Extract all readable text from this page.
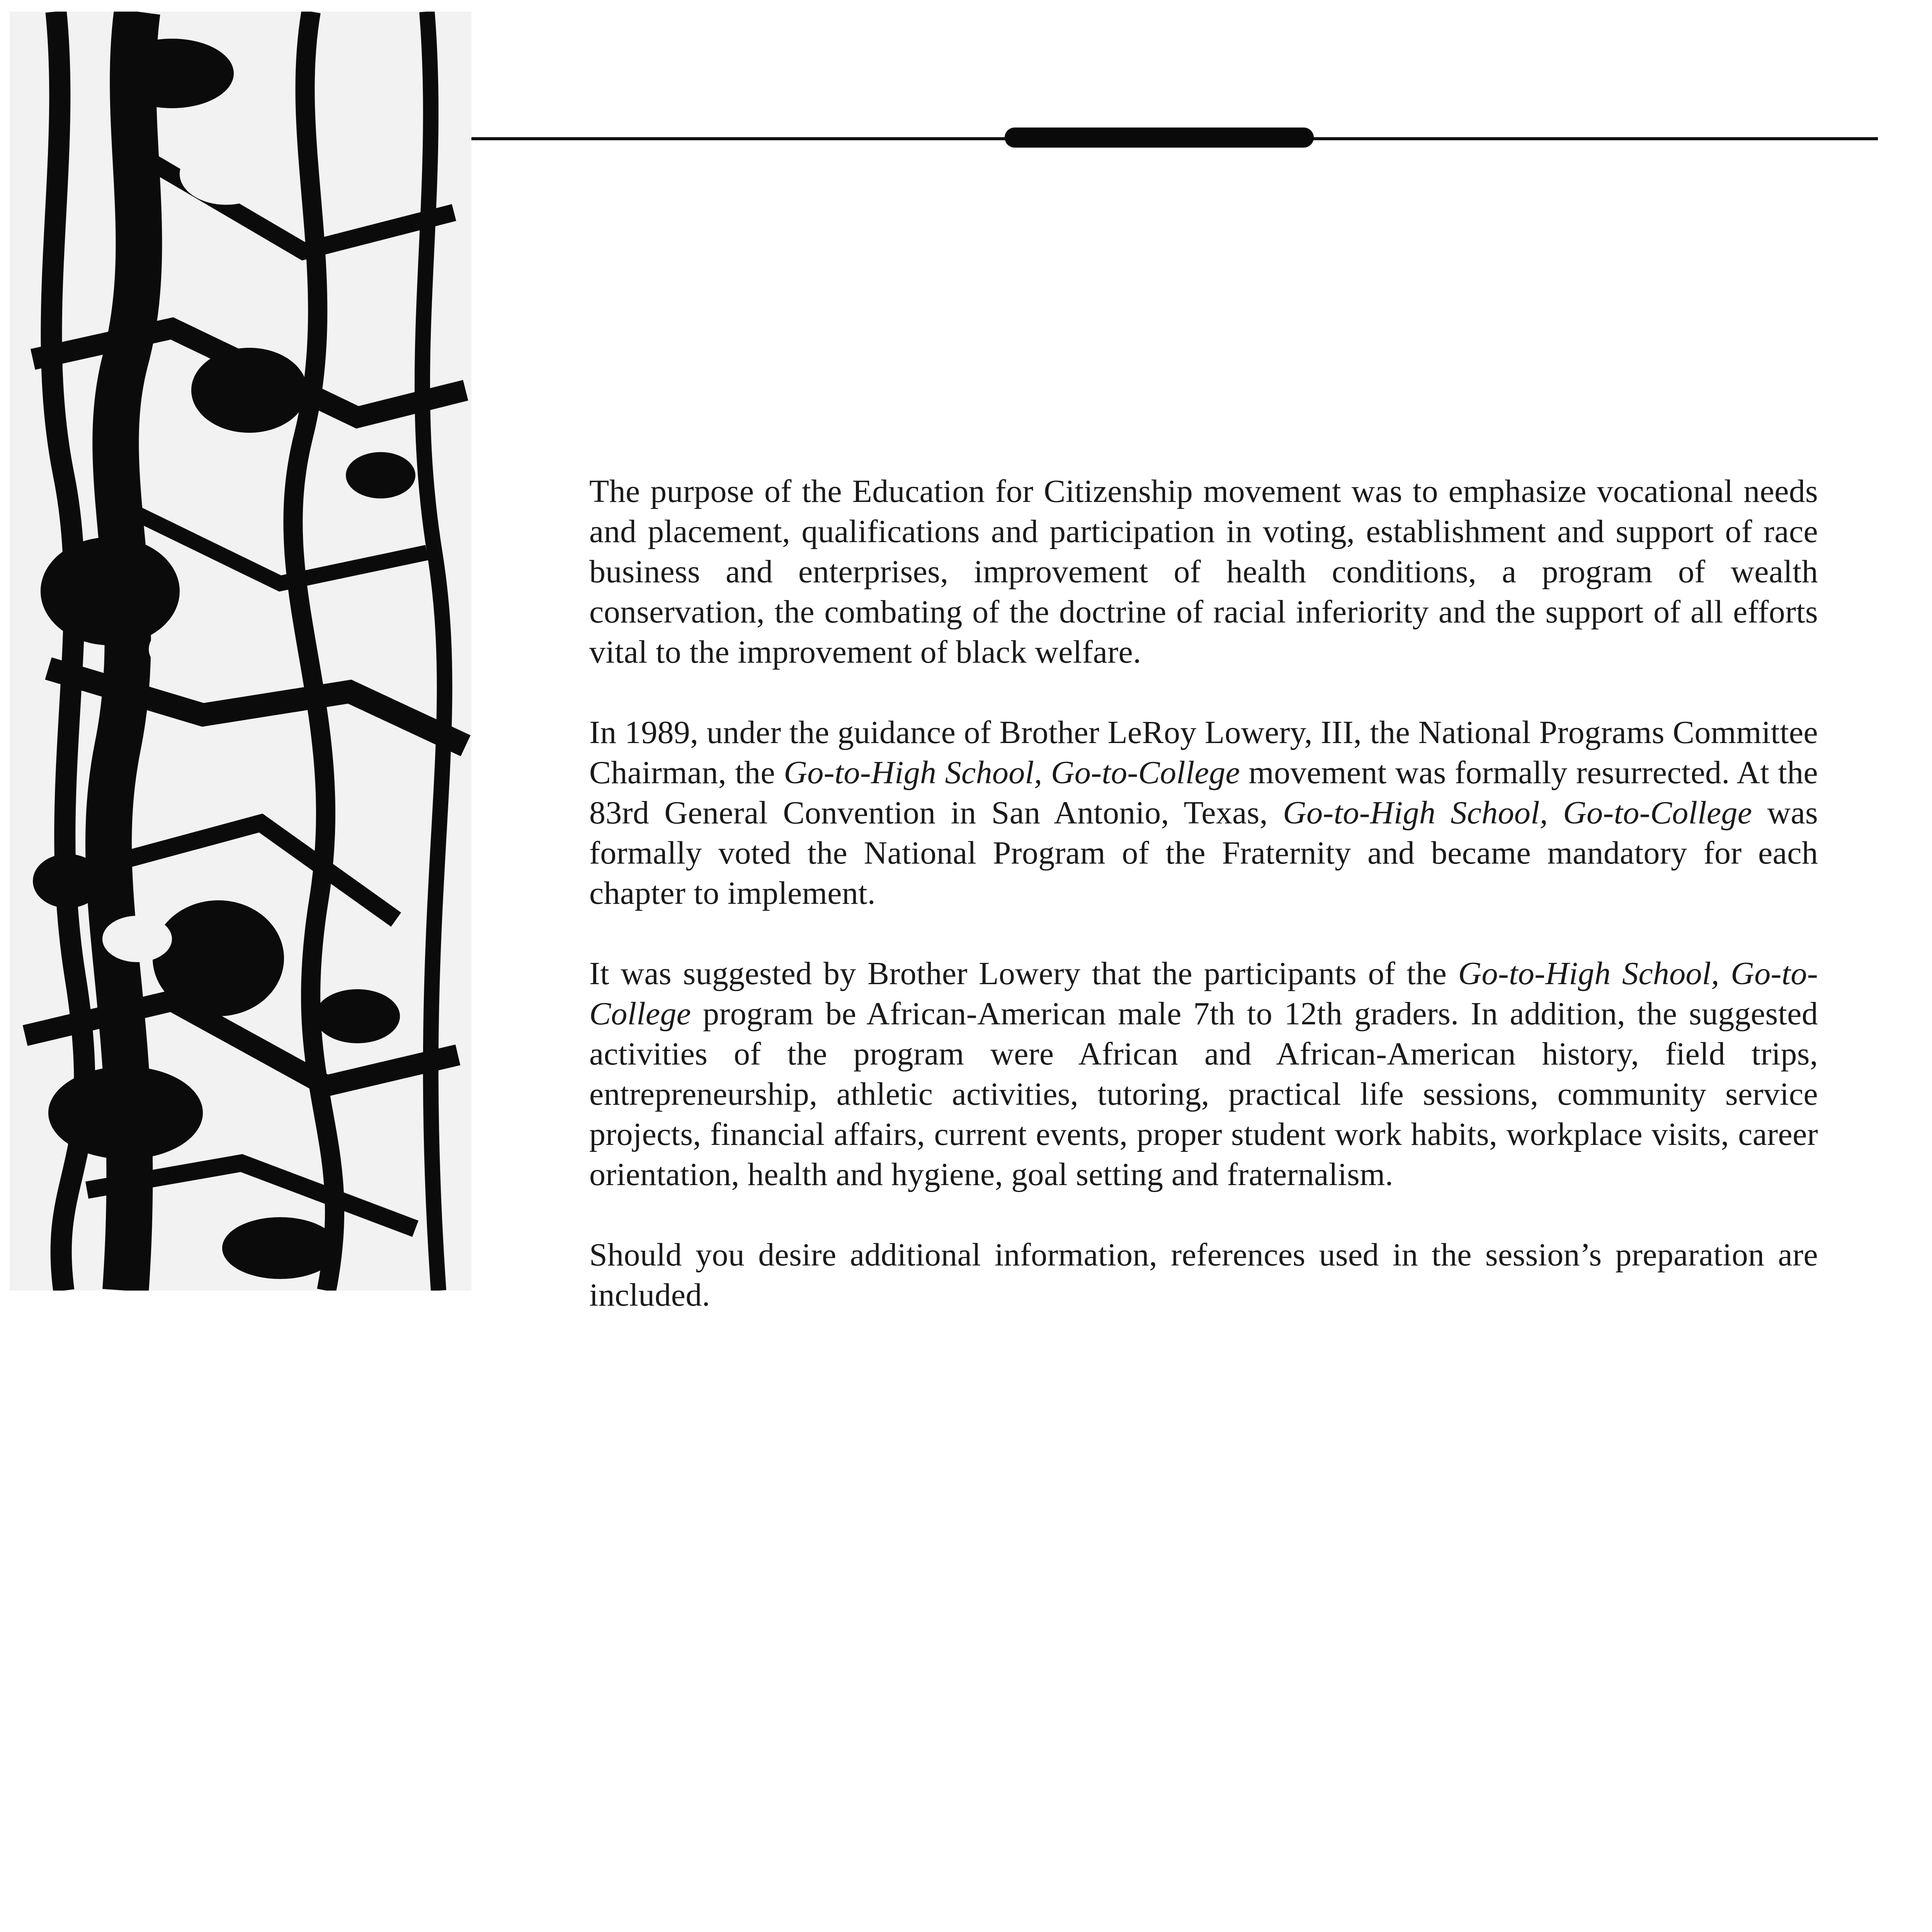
The purpose of the Education for Citizenship movement was to emphasize vocational needs and placement, qualifications and participation in voting, establishment and support of race business and enterprises, improvement of health conditions, a program of wealth conservation, the combating of the doctrine of racial inferiority and the support of all efforts vital to the improvement of black welfare.

In 1989, under the guidance of Brother LeRoy Lowery, III, the National Programs Committee Chairman, the Go-to-High School, Go-to-College movement was formally resurrected. At the 83rd General Convention in San Antonio, Texas, Go-to-High School, Go-to-College was formally voted the National Program of the Fraternity and became mandatory for each chapter to implement.

It was suggested by Brother Lowery that the participants of the Go-to-High School, Go-to-College program be African-American male 7th to 12th graders. In addition, the suggested activities of the program were African and African-American history, field trips, entrepreneurship, athletic activities, tutoring, practical life sessions, community service projects, financial affairs, current events, proper student work habits, workplace visits, career orientation, health and hygiene, goal setting and fraternalism.

Should you desire additional information, references used in the session’s preparation are included.
